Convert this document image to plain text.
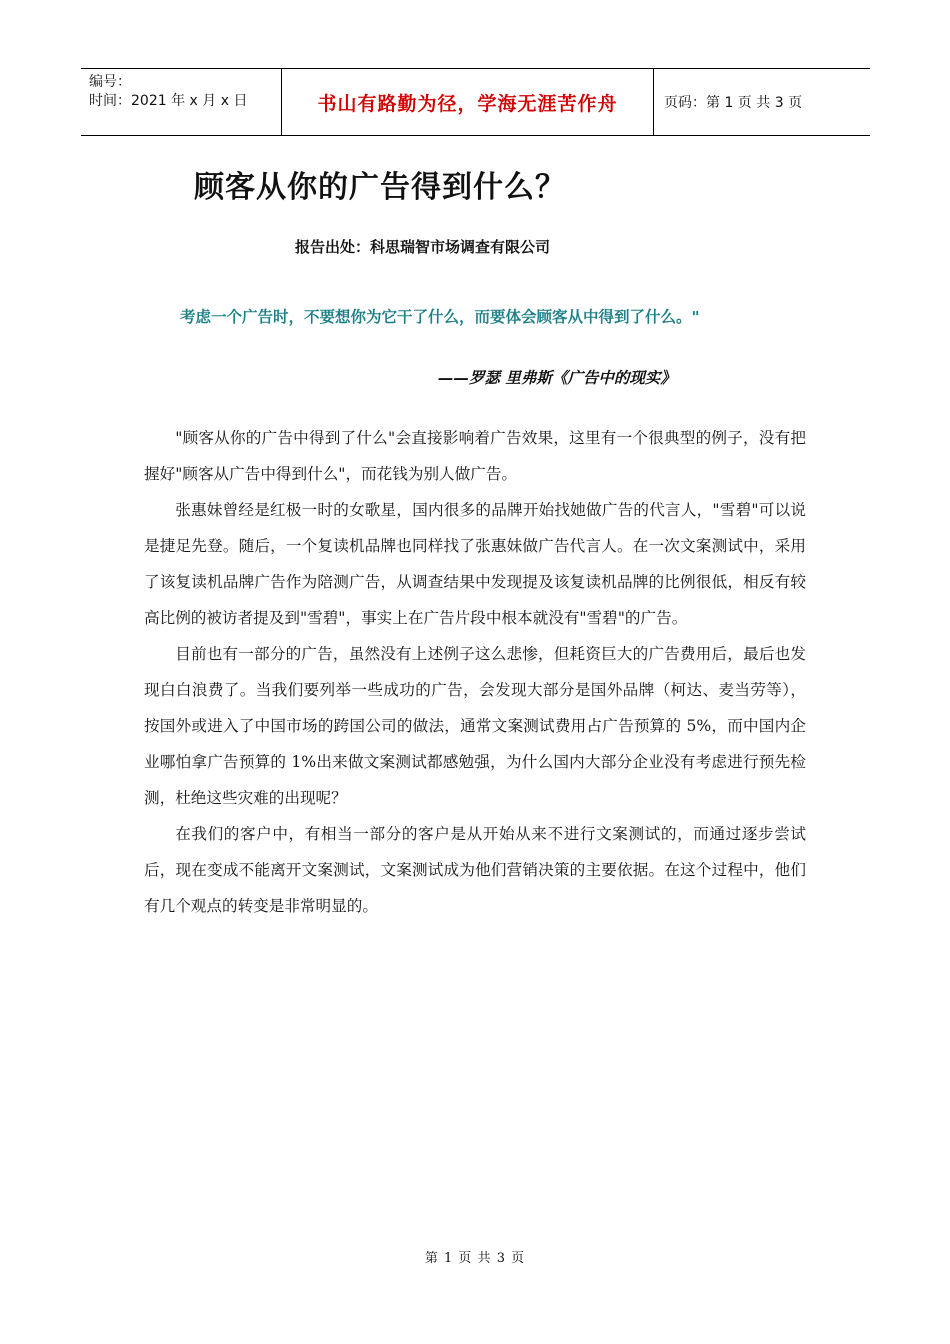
编号：
时间：2021 年 x 月 x 日	书山有路勤为径，学海无涯苦作舟	页码：第 1 页 共 3 页
顾客从你的广告得到什么？
报告出处：科思瑞智市场调查有限公司
考虑一个广告时，不要想你为它干了什么，而要体会顾客从中得到了什么。"
——罗瑟 里弗斯《广告中的现实》

"顾客从你的广告中得到了什么"会直接影响着广告效果，这里有一个很典型的例子，没有把握好"顾客从广告中得到什么"，而花钱为别人做广告。

张惠妹曾经是红极一时的女歌星，国内很多的品牌开始找她做广告的代言人，"雪碧"可以说是捷足先登。随后，一个复读机品牌也同样找了张惠妹做广告代言人。在一次文案测试中，采用了该复读机品牌广告作为陪测广告，从调查结果中发现提及该复读机品牌的比例很低，相反有较高比例的被访者提及到"雪碧"，事实上在广告片段中根本就没有"雪碧"的广告。

目前也有一部分的广告，虽然没有上述例子这么悲惨，但耗资巨大的广告费用后，最后也发现白白浪费了。当我们要列举一些成功的广告，会发现大部分是国外品牌（柯达、麦当劳等），按国外或进入了中国市场的跨国公司的做法，通常文案测试费用占广告预算的 5%，而中国内企业哪怕拿广告预算的 1%出来做文案测试都感勉强，为什么国内大部分企业没有考虑进行预先检测，杜绝这些灾难的出现呢？

在我们的客户中，有相当一部分的客户是从开始从来不进行文案测试的，而通过逐步尝试后，现在变成不能离开文案测试，文案测试成为他们营销决策的主要依据。在这个过程中，他们有几个观点的转变是非常明显的。

第 1 页 共 3 页
